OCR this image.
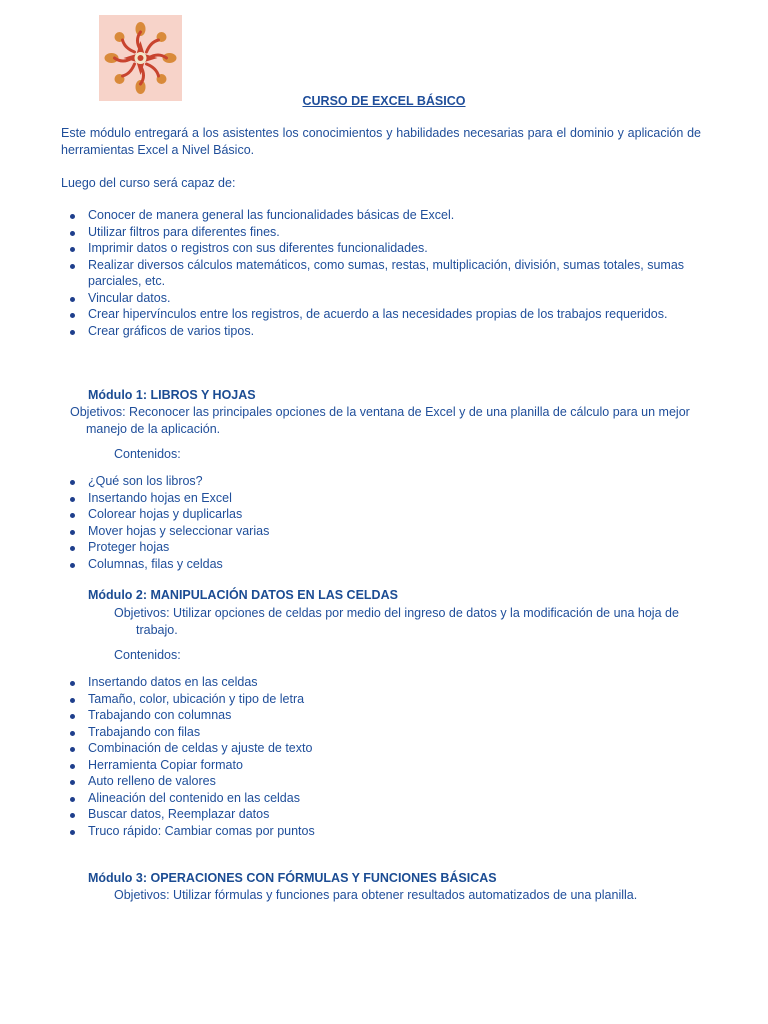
CURSO DE EXCEL BÁSICO
Este módulo entregará a los asistentes los conocimientos y habilidades necesarias para el dominio y aplicación de herramientas Excel a Nivel Básico.
Luego del curso será capaz de:
Conocer de manera general las funcionalidades básicas de Excel.
Utilizar filtros para diferentes fines.
Imprimir datos o registros con sus diferentes funcionalidades.
Realizar diversos cálculos matemáticos, como sumas, restas, multiplicación, división, sumas totales, sumas parciales, etc.
Vincular datos.
Crear hipervínculos entre los registros, de acuerdo a las necesidades propias de los trabajos requeridos.
Crear gráficos de varios tipos.
Módulo 1: LIBROS Y HOJAS
Objetivos: Reconocer las principales opciones de la ventana de Excel y de una planilla de cálculo para un mejor manejo de la aplicación.
Contenidos:
¿Qué son los libros?
Insertando hojas en Excel
Colorear hojas y duplicarlas
Mover hojas y seleccionar varias
Proteger hojas
Columnas, filas y celdas
Módulo 2: MANIPULACIÓN DATOS EN LAS CELDAS
Objetivos: Utilizar opciones de celdas por medio del ingreso de datos y la modificación de una hoja de trabajo.
Contenidos:
Insertando datos en las celdas
Tamaño, color, ubicación y tipo de letra
Trabajando con columnas
Trabajando con filas
Combinación de celdas y ajuste de texto
Herramienta Copiar formato
Auto relleno de valores
Alineación del contenido en las celdas
Buscar datos, Reemplazar datos
Truco rápido: Cambiar comas por puntos
Módulo 3: OPERACIONES CON FÓRMULAS Y FUNCIONES BÁSICAS
Objetivos: Utilizar fórmulas y funciones para obtener resultados automatizados de una planilla.
